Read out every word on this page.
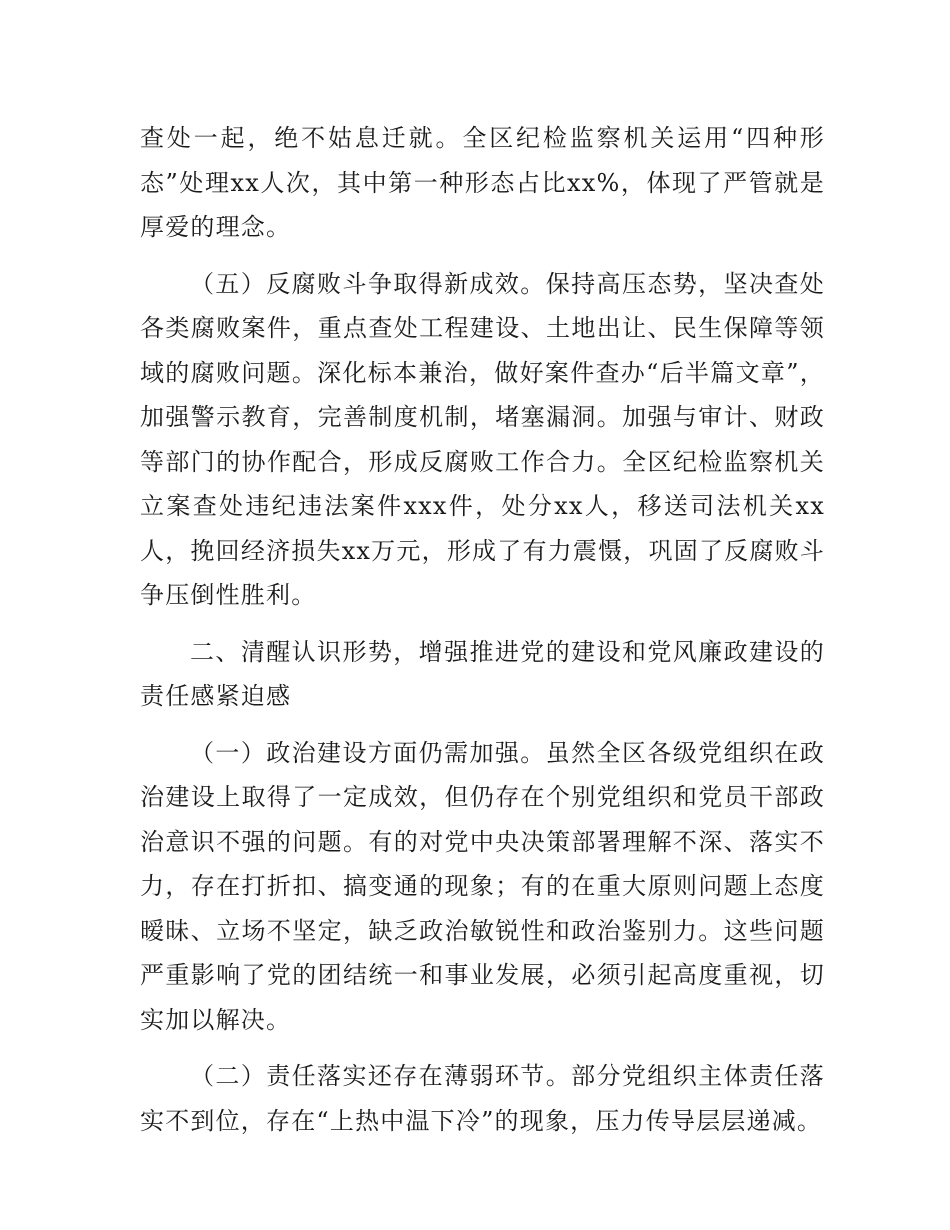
查处一起，绝不姑息迁就。全区纪检监察机关运用“四种形态”处理xx人次，其中第一种形态占比xx%，体现了严管就是厚爱的理念。

（五）反腐败斗争取得新成效。保持高压态势，坚决查处各类腐败案件，重点查处工程建设、土地出让、民生保障等领域的腐败问题。深化标本兼治，做好案件查办“后半篇文章”，加强警示教育，完善制度机制，堵塞漏洞。加强与审计、财政等部门的协作配合，形成反腐败工作合力。全区纪检监察机关立案查处违纪违法案件xxx件，处分xx人，移送司法机关xx人，挽回经济损失xx万元，形成了有力震慑，巩固了反腐败斗争压倒性胜利。

二、清醒认识形势，增强推进党的建设和党风廉政建设的责任感紧迫感

（一）政治建设方面仍需加强。虽然全区各级党组织在政治建设上取得了一定成效，但仍存在个别党组织和党员干部政治意识不强的问题。有的对党中央决策部署理解不深、落实不力，存在打折扣、搞变通的现象；有的在重大原则问题上态度暧昧、立场不坚定，缺乏政治敏锐性和政治鉴别力。这些问题严重影响了党的团结统一和事业发展，必须引起高度重视，切实加以解决。

（二）责任落实还存在薄弱环节。部分党组织主体责任落实不到位，存在“上热中温下冷”的现象，压力传导层层递减。
